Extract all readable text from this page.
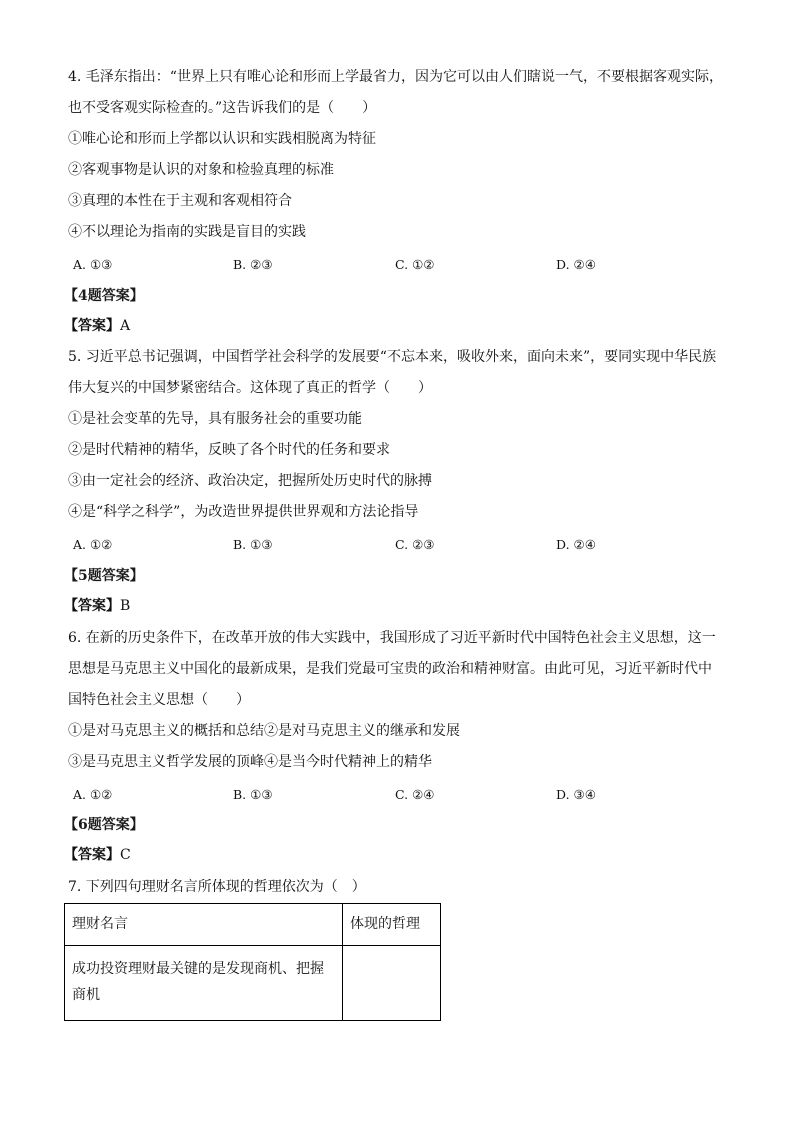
4. 毛泽东指出：“世界上只有唯心论和形而上学最省力，因为它可以由人们瞎说一气，不要根据客观实际，
也不受客观实际检查的。”这告诉我们的是（　　）
①唯心论和形而上学都以认识和实践相脱离为特征
②客观事物是认识的对象和检验真理的标准
③真理的本性在于主观和客观相符合
④不以理论为指南的实践是盲目的实践
A. ①③	B. ②③	C. ①②	D. ②④
【4题答案】
【答案】A
5. 习近平总书记强调，中国哲学社会科学的发展要“不忘本来，吸收外来，面向未来”，要同实现中华民族
伟大复兴的中国梦紧密结合。这体现了真正的哲学（　　）
①是社会变革的先导，具有服务社会的重要功能
②是时代精神的精华，反映了各个时代的任务和要求
③由一定社会的经济、政治决定，把握所处历史时代的脉搏
④是“科学之科学”，为改造世界提供世界观和方法论指导
A. ①②	B. ①③	C. ②③	D. ②④
【5题答案】
【答案】B
6. 在新的历史条件下，在改革开放的伟大实践中，我国形成了习近平新时代中国特色社会主义思想，这一
思想是马克思主义中国化的最新成果，是我们党最可宝贵的政治和精神财富。由此可见，习近平新时代中
国特色社会主义思想（　　）
①是对马克思主义的概括和总结②是对马克思主义的继承和发展
③是马克思主义哲学发展的顶峰④是当今时代精神上的精华
A. ①②	B. ①③	C. ②④	D. ③④
【6题答案】
【答案】C
7. 下列四句理财名言所体现的哲理依次为（　）
理财名言	体现的哲理

成功投资理财最关键的是发现商机、把握商机	
